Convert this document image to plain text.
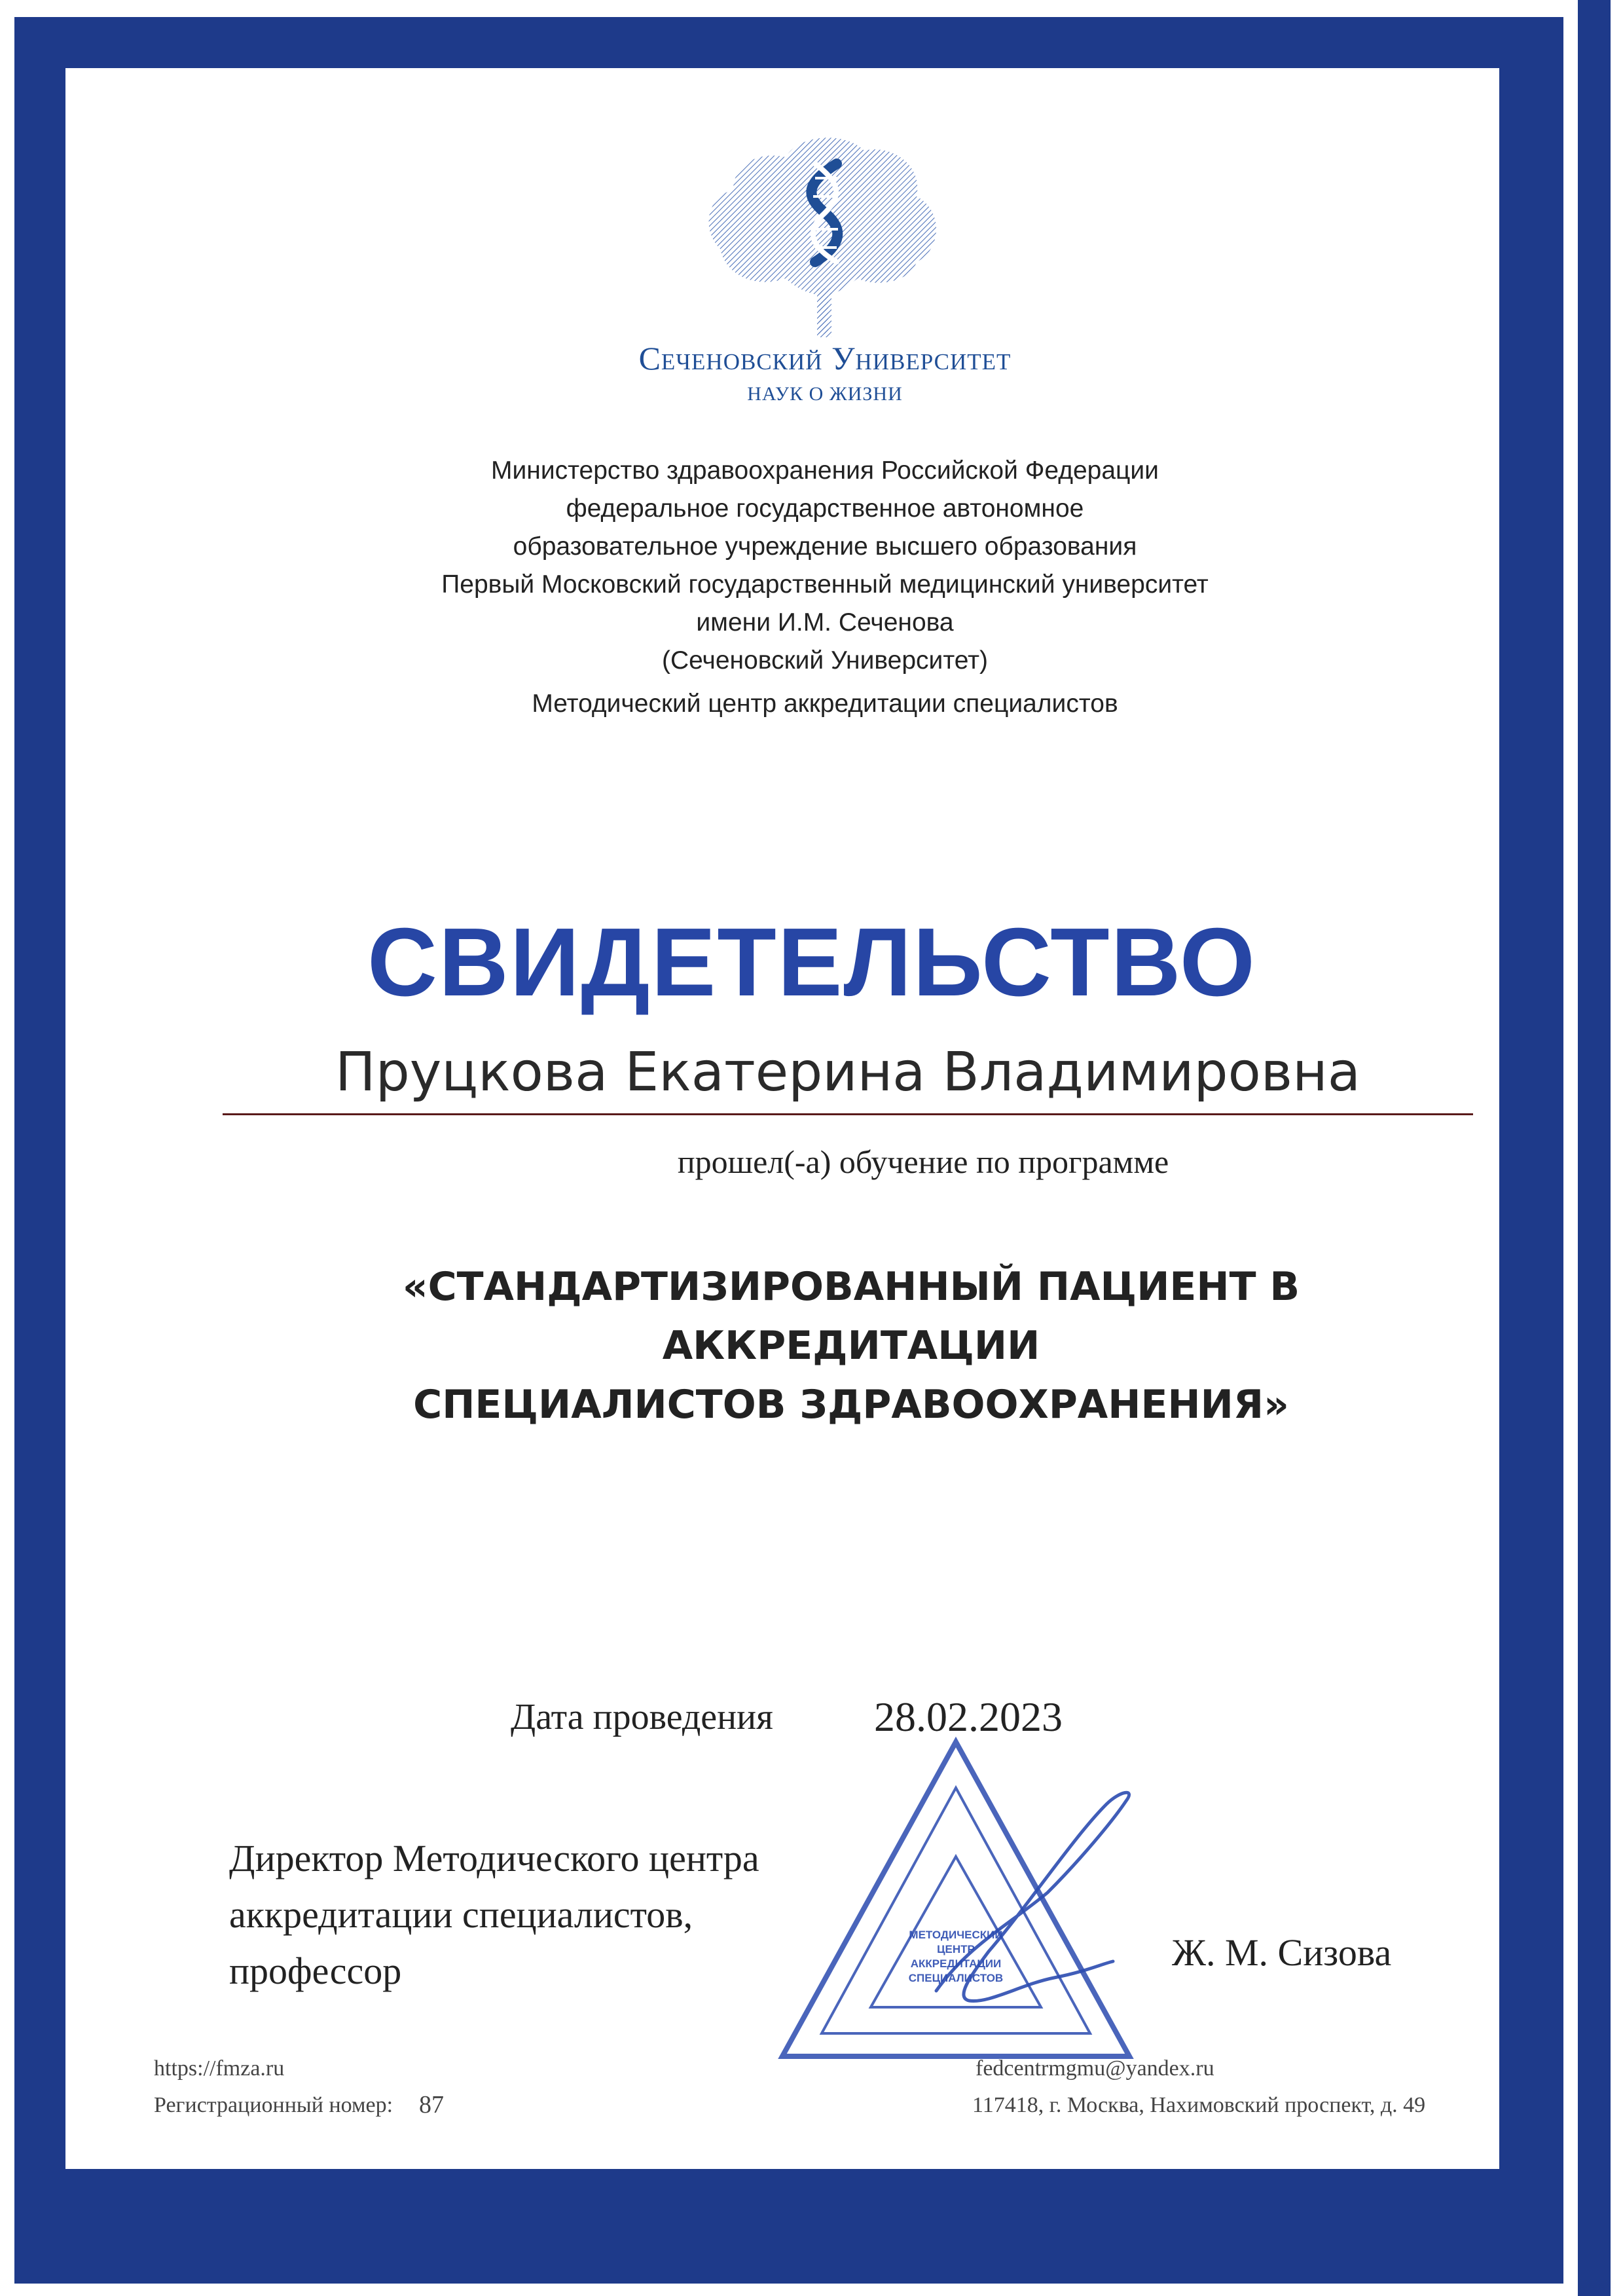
Сеченовский Университет
НАУК О ЖИЗНИ
Министерство здравоохранения Российской Федерации
федеральное государственное автономное
образовательное учреждение высшего образования
Первый Московский государственный медицинский университет
имени И.М. Сеченова
(Сеченовский Университет)
Методический центр аккредитации специалистов
СВИДЕТЕЛЬСТВО
Пруцкова Екатерина Владимировна
прошел(-а) обучение по программе
«СТАНДАРТИЗИРОВАННЫЙ ПАЦИЕНТ В АККРЕДИТАЦИИ
СПЕЦИАЛИСТОВ ЗДРАВООХРАНЕНИЯ»
Дата проведения 28.02.2023
МЕТОДИЧЕСКИЙ
ЦЕНТР
АККРЕДИТАЦИИ
СПЕЦИАЛИСТОВ
Директор Методического центра
аккредитации специалистов,
профессор	Ж. М. Сизова
https://fmza.ru
Регистрационный номер: 87
fedcentrmgmu@yandex.ru
117418, г. Москва, Нахимовский проспект, д. 49
